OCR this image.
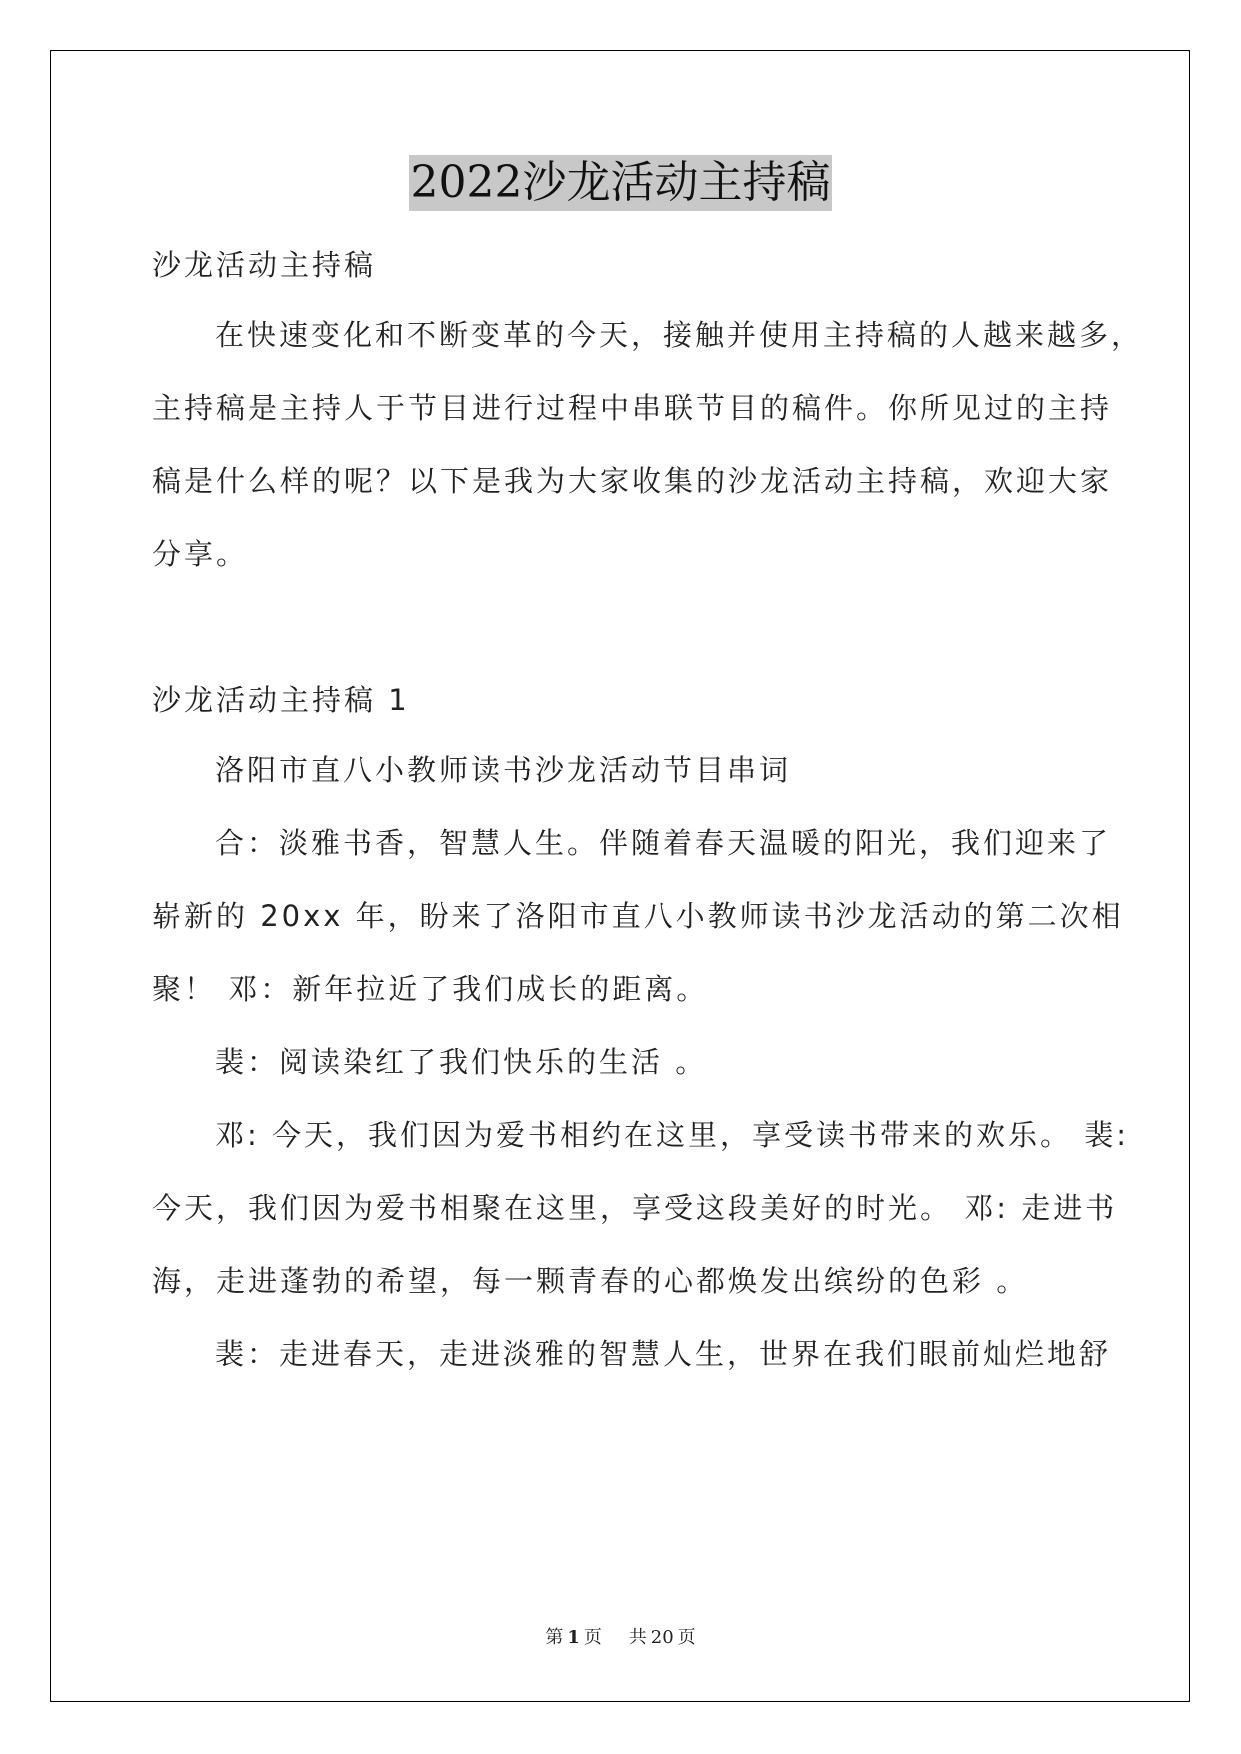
2022沙龙活动主持稿
沙龙活动主持稿
在快速变化和不断变革的今天，接触并使用主持稿的人越来越多，
主持稿是主持人于节目进行过程中串联节目的稿件。你所见过的主持
稿是什么样的呢？以下是我为大家收集的沙龙活动主持稿，欢迎大家
分享。
沙龙活动主持稿 1
洛阳市直八小教师读书沙龙活动节目串词
合：淡雅书香，智慧人生。伴随着春天温暖的阳光，我们迎来了
崭新的 20xx 年，盼来了洛阳市直八小教师读书沙龙活动的第二次相
聚！ 邓：新年拉近了我们成长的距离。
裴：阅读染红了我们快乐的生活 。
邓: 今天，我们因为爱书相约在这里，享受读书带来的欢乐。 裴:
今天，我们因为爱书相聚在这里，享受这段美好的时光。 邓: 走进书
海，走进蓬勃的希望，每一颗青春的心都焕发出缤纷的色彩 。
裴：走进春天，走进淡雅的智慧人生，世界在我们眼前灿烂地舒
第 1 页 共 20 页
